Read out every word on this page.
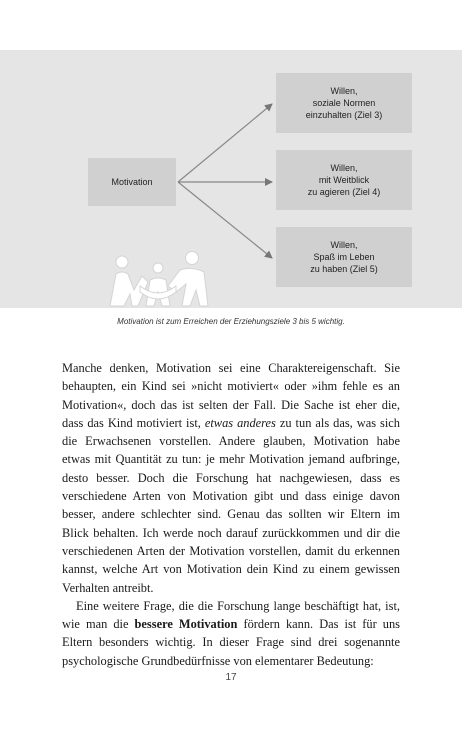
Motivation
Willen,
soziale Normen
einzuhalten (Ziel 3)
Willen,
mit Weitblick
zu agieren (Ziel 4)
Willen,
Spaß im Leben
zu haben (Ziel 5)
Motivation ist zum Erreichen der Erziehungsziele 3 bis 5 wichtig.

Manche denken, Motivation sei eine Charaktereigenschaft. Sie behaupten, ein Kind sei »nicht motiviert« oder »ihm fehle es an Motivation«, doch das ist selten der Fall. Die Sache ist eher die, dass das Kind motiviert ist, etwas anderes zu tun als das, was sich die Erwachsenen vorstellen. Andere glauben, Motivation habe etwas mit Quantität zu tun: je mehr Motivation jemand aufbringe, desto besser. Doch die Forschung hat nachgewiesen, dass es verschiedene Arten von Motivation gibt und dass einige davon besser, andere schlechter sind. Genau das sollten wir Eltern im Blick behalten. Ich werde noch darauf zurückkommen und dir die verschiedenen Arten der Motivation vorstellen, damit du erkennen kannst, welche Art von Motivation dein Kind zu einem gewissen Verhalten antreibt.

Eine weitere Frage, die die Forschung lange beschäftigt hat, ist, wie man die bessere Motivation fördern kann. Das ist für uns Eltern besonders wichtig. In dieser Frage sind drei sogenannte psychologische Grundbedürfnisse von elementarer Bedeutung:

17
